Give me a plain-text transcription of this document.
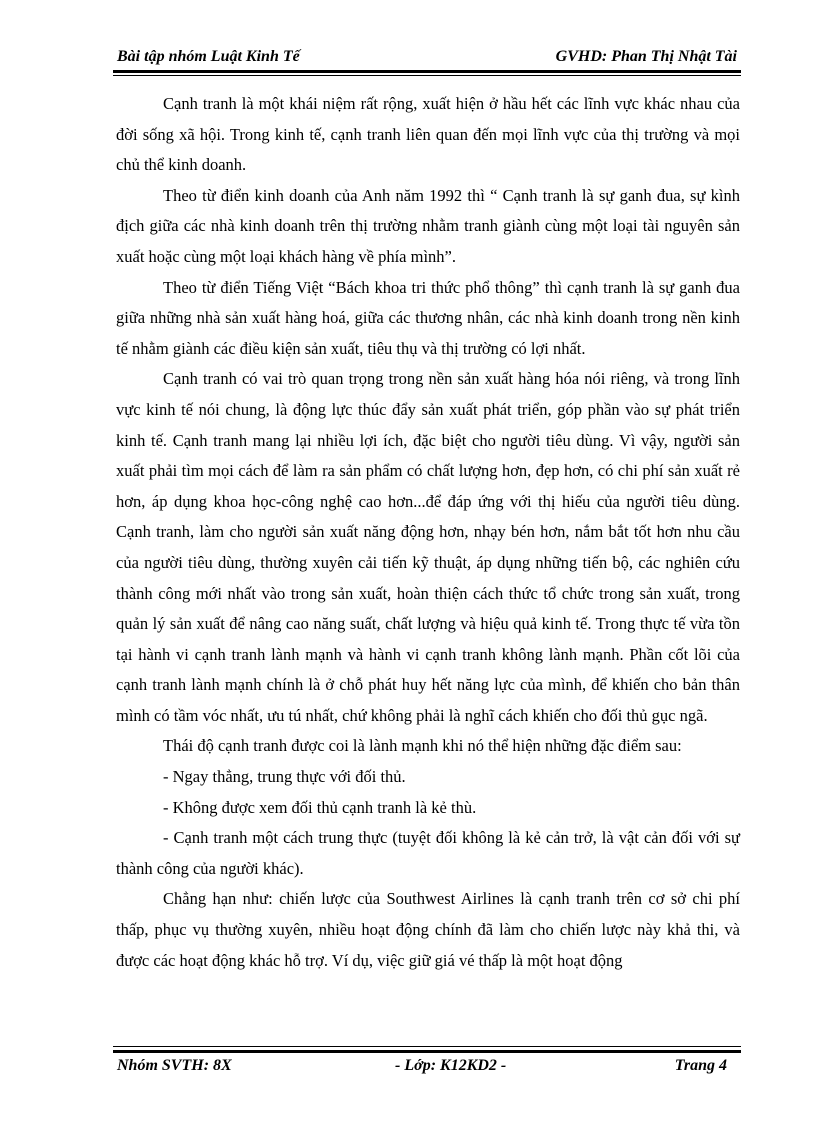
Bài tập nhóm Luật Kinh Tế	GVHD: Phan Thị Nhật Tài

Cạnh tranh là một khái niệm rất rộng, xuất hiện ở hầu hết các lĩnh vực khác nhau của đời sống xã hội. Trong kinh tế, cạnh tranh liên quan đến mọi lĩnh vực của thị trường và mọi chủ thể kinh doanh.

Theo từ điển kinh doanh của Anh năm 1992 thì “ Cạnh tranh là sự ganh đua, sự kình địch giữa các nhà kinh doanh trên thị trường nhằm tranh giành cùng một loại tài nguyên sản xuất hoặc cùng một loại khách hàng về phía mình”.

Theo từ điển Tiếng Việt “Bách khoa tri thức phổ thông” thì cạnh tranh là sự ganh đua giữa những nhà sản xuất hàng hoá, giữa các thương nhân, các nhà kinh doanh trong nền kinh tế nhằm giành các điều kiện sản xuất, tiêu thụ và thị trường có lợi nhất.

Cạnh tranh có vai trò quan trọng trong nền sản xuất hàng hóa nói riêng, và trong lĩnh vực kinh tế nói chung, là động lực thúc đẩy sản xuất phát triển, góp phần vào sự phát triển kinh tế. Cạnh tranh mang lại nhiều lợi ích, đặc biệt cho người tiêu dùng. Vì vậy, người sản xuất phải tìm mọi cách để làm ra sản phẩm có chất lượng hơn, đẹp hơn, có chi phí sản xuất rẻ hơn, áp dụng khoa học-công nghệ cao hơn...để đáp ứng với thị hiếu của người tiêu dùng. Cạnh tranh, làm cho người sản xuất năng động hơn, nhạy bén hơn, nắm bắt tốt hơn nhu cầu của người tiêu dùng, thường xuyên cải tiến kỹ thuật, áp dụng những tiến bộ, các nghiên cứu thành công mới nhất vào trong sản xuất, hoàn thiện cách thức tổ chức trong sản xuất, trong quản lý sản xuất để nâng cao năng suất, chất lượng và hiệu quả kinh tế. Trong thực tế vừa tồn tại hành vi cạnh tranh lành mạnh và hành vi cạnh tranh không lành mạnh. Phần cốt lõi của cạnh tranh lành mạnh chính là ở chỗ phát huy hết năng lực của mình, để khiến cho bản thân mình có tầm vóc nhất, ưu tú nhất, chứ không phải là nghĩ cách khiến cho đối thủ gục ngã.

Thái độ cạnh tranh được coi là lành mạnh khi nó thể hiện những đặc điểm sau:

- Ngay thẳng, trung thực với đối thủ.

- Không được xem đối thủ cạnh tranh là kẻ thù.

- Cạnh tranh một cách trung thực (tuyệt đối không là kẻ cản trở, là vật cản đối với sự thành công của người khác).

Chẳng hạn như: chiến lược của Southwest Airlines là cạnh tranh trên cơ sở chi phí thấp, phục vụ thường xuyên, nhiều hoạt động chính đã làm cho chiến lược này khả thi, và được các hoạt động khác hỗ trợ. Ví dụ, việc giữ giá vé thấp là một hoạt động

Nhóm SVTH: 8X	- Lớp: K12KD2 -	Trang 4
